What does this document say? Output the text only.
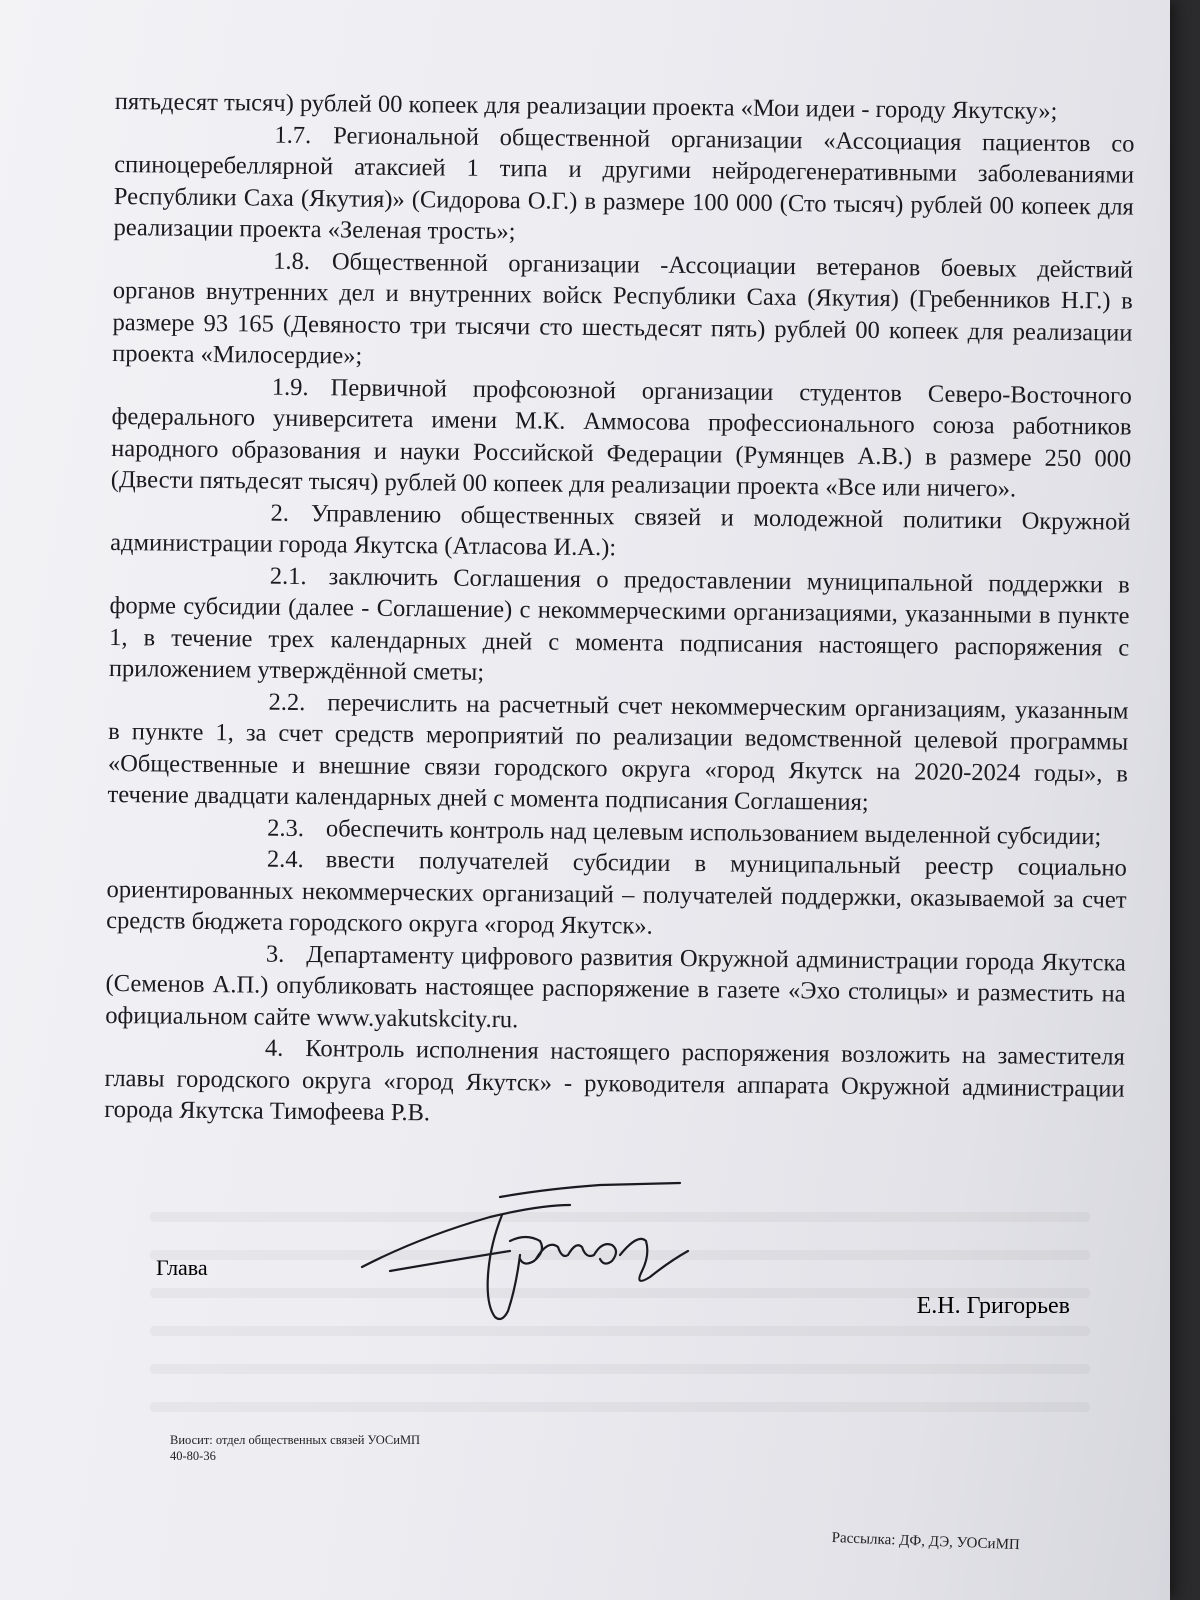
пятьдесят тысяч) рублей 00 копеек для реализации проекта «Мои идеи - городу Якутску»;

1.7. Региональной общественной организации «Ассоциация пациентов со спиноцеребеллярной атаксией 1 типа и другими нейродегенеративными заболеваниями Республики Саха (Якутия)» (Сидорова О.Г.) в размере 100 000 (Сто тысяч) рублей 00 копеек для реализации проекта «Зеленая трость»;

1.8. Общественной организации -Ассоциации ветеранов боевых действий органов внутренних дел и внутренних войск Республики Саха (Якутия) (Гребенников Н.Г.) в размере 93 165 (Девяносто три тысячи сто шестьдесят пять) рублей 00 копеек для реализации проекта «Милосердие»;

1.9. Первичной профсоюзной организации студентов Северо-Восточного федерального университета имени М.К. Аммосова профессионального союза работников народного образования и науки Российской Федерации (Румянцев А.В.) в размере 250 000 (Двести пятьдесят тысяч) рублей 00 копеек для реализации проекта «Все или ничего».

2. Управлению общественных связей и молодежной политики Окружной администрации города Якутска (Атласова И.А.):

2.1. заключить Соглашения о предоставлении муниципальной поддержки в форме субсидии (далее - Соглашение) с некоммерческими организациями, указанными в пункте 1, в течение трех календарных дней с момента подписания настоящего распоряжения с приложением утверждённой сметы;

2.2. перечислить на расчетный счет некоммерческим организациям, указанным в пункте 1, за счет средств мероприятий по реализации ведомственной целевой программы «Общественные и внешние связи городского округа «город Якутск на 2020-2024 годы», в течение двадцати календарных дней с момента подписания Соглашения;

2.3. обеспечить контроль над целевым использованием выделенной субсидии;

2.4. ввести получателей субсидии в муниципальный реестр социально ориентированных некоммерческих организаций – получателей поддержки, оказываемой за счет средств бюджета городского округа «город Якутск».

3. Департаменту цифрового развития Окружной администрации города Якутска (Семенов А.П.) опубликовать настоящее распоряжение в газете «Эхо столицы» и разместить на официальном сайте www.yakutskcity.ru.

4. Контроль исполнения настоящего распоряжения возложить на заместителя главы городского округа «город Якутск» - руководителя аппарата Окружной администрации города Якутска Тимофеева Р.В.

Глава
Е.Н. Григорьев
Виосит: отдел общественных связей УОСиМП
40-80-36
Рассылка: ДФ, ДЭ, УОСиМП
